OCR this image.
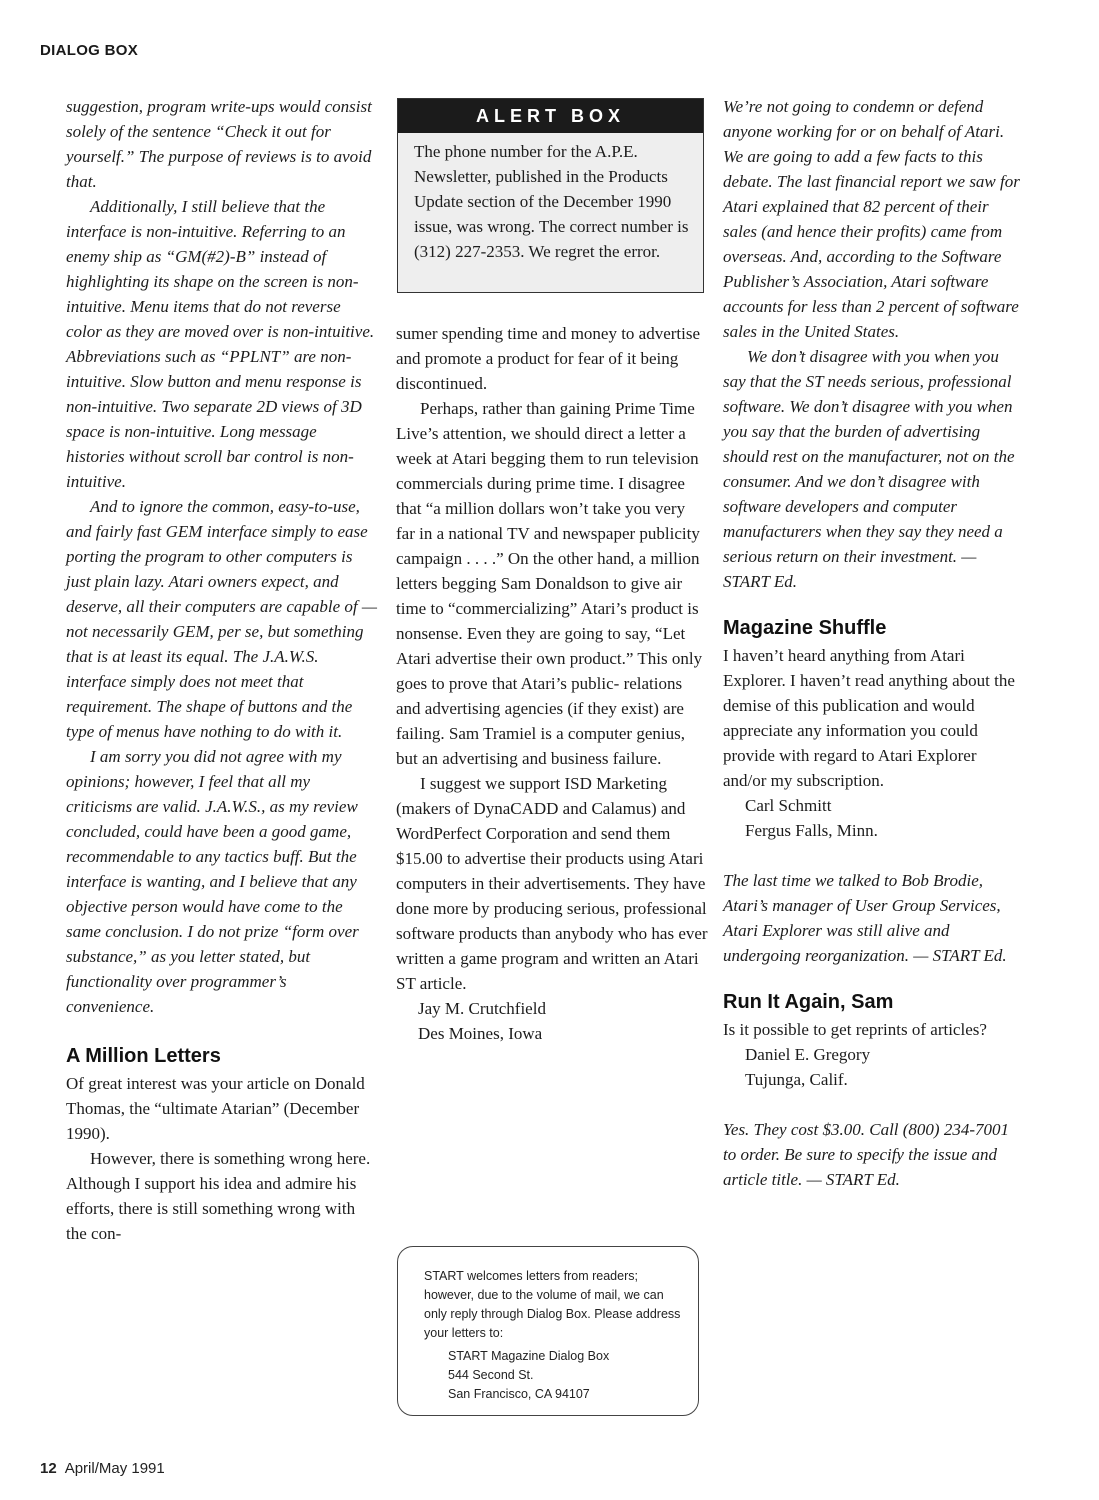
DIALOG BOX

suggestion, program write-ups would consist solely of the sentence “Check it out for yourself.” The purpose of reviews is to avoid that.

Additionally, I still believe that the interface is non-intuitive. Referring to an enemy ship as “GM(#2)-B” instead of highlighting its shape on the screen is non-intuitive. Menu items that do not reverse color as they are moved over is non-intuitive. Abbreviations such as “PPLNT” are non-intuitive. Slow button and menu response is non-intuitive. Two separate 2D views of 3D space is non-intuitive. Long message histories without scroll bar control is non-intuitive.

And to ignore the common, easy-to-use, and fairly fast GEM interface simply to ease porting the program to other computers is just plain lazy. Atari owners expect, and deserve, all their computers are capable of — not necessarily GEM, per se, but something that is at least its equal. The J.A.W.S. interface simply does not meet that requirement. The shape of buttons and the type of menus have nothing to do with it.

I am sorry you did not agree with my opinions; however, I feel that all my criticisms are valid. J.A.W.S., as my review concluded, could have been a good game, recommendable to any tactics buff. But the interface is wanting, and I believe that any objective person would have come to the same conclusion. I do not prize “form over substance,” as you letter stated, but functionality over programmer’s convenience.

A Million Letters

Of great interest was your article on Donald Thomas, the “ultimate Atarian” (December 1990).

However, there is something wrong here. Although I support his idea and admire his efforts, there is still something wrong with the con-

ALERT BOX
The phone number for the A.P.E. Newsletter, published in the Products Update section of the December 1990 issue, was wrong. The correct number is (312) 227-2353. We regret the error.

sumer spending time and money to advertise and promote a product for fear of it being discontinued.

Perhaps, rather than gaining Prime Time Live’s attention, we should direct a letter a week at Atari begging them to run television commercials during prime time. I disagree that “a million dollars won’t take you very far in a national TV and newspaper publicity campaign . . . .” On the other hand, a million letters begging Sam Donaldson to give air time to “commercializing” Atari’s product is nonsense. Even they are going to say, “Let Atari advertise their own product.” This only goes to prove that Atari’s public- relations and advertising agencies (if they exist) are failing. Sam Tramiel is a computer genius, but an advertising and business failure.

I suggest we support ISD Marketing (makers of DynaCADD and Calamus) and WordPerfect Corporation and send them $15.00 to advertise their products using Atari computers in their advertisements. They have done more by producing serious, professional software products than anybody who has ever written a game program and written an Atari ST article.

Jay M. Crutchfield

Des Moines, Iowa

START welcomes letters from readers; however, due to the volume of mail, we can only reply through Dialog Box. Please address your letters to:
START Magazine Dialog Box
544 Second St.
San Francisco, CA 94107

We’re not going to condemn or defend anyone working for or on behalf of Atari. We are going to add a few facts to this debate. The last financial report we saw for Atari explained that 82 percent of their sales (and hence their profits) came from overseas. And, according to the Software Publisher’s Association, Atari software accounts for less than 2 percent of software sales in the United States.

We don’t disagree with you when you say that the ST needs serious, professional software. We don’t disagree with you when you say that the burden of advertising should rest on the manufacturer, not on the consumer. And we don’t disagree with software developers and computer manufacturers when they say they need a serious return on their investment. — START Ed.

Magazine Shuffle

I haven’t heard anything from Atari Explorer. I haven’t read anything about the demise of this publication and would appreciate any information you could provide with regard to Atari Explorer and/or my subscription.

Carl Schmitt

Fergus Falls, Minn.

The last time we talked to Bob Brodie, Atari’s manager of User Group Services, Atari Explorer was still alive and undergoing reorganization. — START Ed.

Run It Again, Sam

Is it possible to get reprints of articles?

Daniel E. Gregory

Tujunga, Calif.

Yes. They cost $3.00. Call (800) 234-7001 to order. Be sure to specify the issue and article title. — START Ed.

12 April/May 1991
